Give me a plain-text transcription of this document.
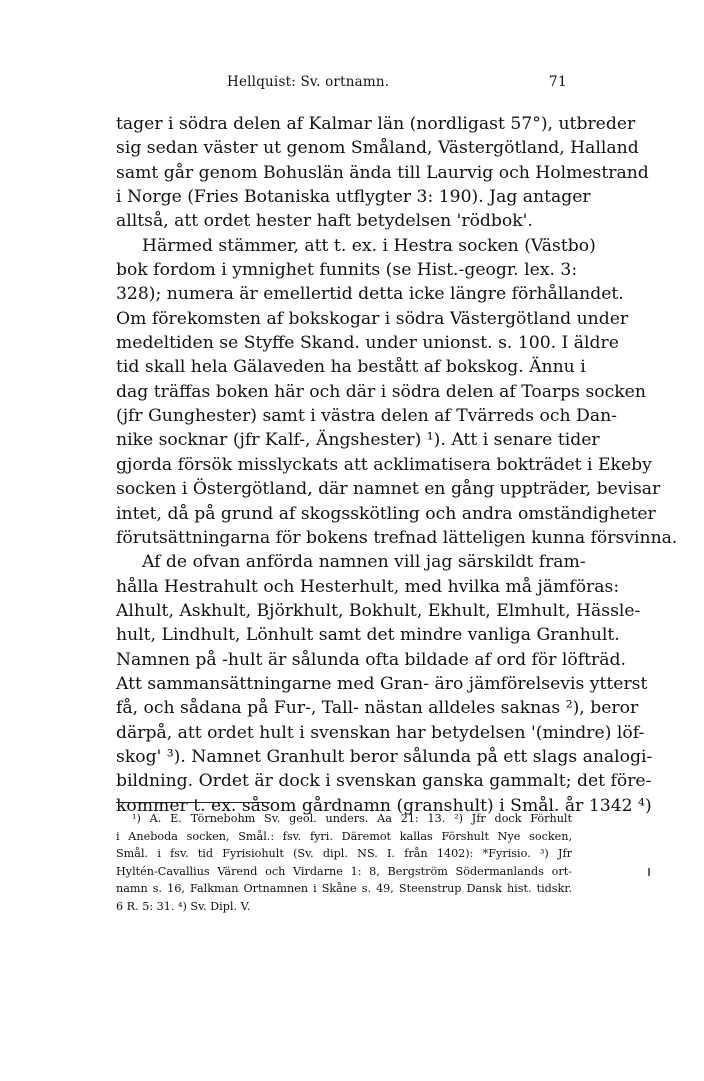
Hellquist: Sv. ortnamn.	71
tager i södra delen af Kalmar län (nordligast 57°), utbreder
sig sedan väster ut genom Småland, Västergötland, Halland
samt går genom Bohuslän ända till Laurvig och Holmestrand
i Norge (Fries Botaniska utflygter 3: 190). Jag antager
alltså, att ordet hester haft betydelsen 'rödbok'.
Härmed stämmer, att t. ex. i Hestra socken (Västbo)
bok fordom i ymnighet funnits (se Hist.-geogr. lex. 3:
328); numera är emellertid detta icke längre förhållandet.
Om förekomsten af bokskogar i södra Västergötland under
medeltiden se Styffe Skand. under unionst. s. 100. I äldre
tid skall hela Gälaveden ha bestått af bokskog. Ännu i
dag träffas boken här och där i södra delen af Toarps socken
(jfr Gunghester) samt i västra delen af Tvärreds och Dan-
nike socknar (jfr Kalf-, Ängshester) ¹). Att i senare tider
gjorda försök misslyckats att acklimatisera bokträdet i Ekeby
socken i Östergötland, där namnet en gång uppträder, bevisar
intet, då på grund af skogsskötling och andra omständigheter
förutsättningarna för bokens trefnad lätteligen kunna försvinna.
Af de ofvan anförda namnen vill jag särskildt fram-
hålla Hestrahult och Hesterhult, med hvilka må jämföras:
Alhult, Askhult, Björkhult, Bokhult, Ekhult, Elmhult, Hässle-
hult, Lindhult, Lönhult samt det mindre vanliga Granhult.
Namnen på -hult är sålunda ofta bildade af ord för löfträd.
Att sammansättningarne med Gran- äro jämförelsevis ytterst
få, och sådana på Fur-, Tall- nästan alldeles saknas ²), beror
därpå, att ordet hult i svenskan har betydelsen '(mindre) löf-
skog' ³). Namnet Granhult beror sålunda på ett slags analogi-
bildning. Ordet är dock i svenskan ganska gammalt; det före-
kommer t. ex. såsom gårdnamn (granshult) i Smål. år 1342 ⁴)
¹) A. E. Törnebohm Sv. geol. unders. Aa 21: 13. ²) Jfr dock Förhult
i Aneboda socken, Smål.: fsv. fyri. Däremot kallas Förshult Nye socken,
Smål. i fsv. tid Fyrisiohult (Sv. dipl. NS. I. från 1402): *Fyrisio. ³) Jfr
Hyltén-Cavallius Värend och Virdarne 1: 8, Bergström Södermanlands ort-
namn s. 16, Falkman Ortnamnen i Skåne s. 49, Steenstrup Dansk hist. tidskr.
6 R. 5: 31. ⁴) Sv. Dipl. V.
